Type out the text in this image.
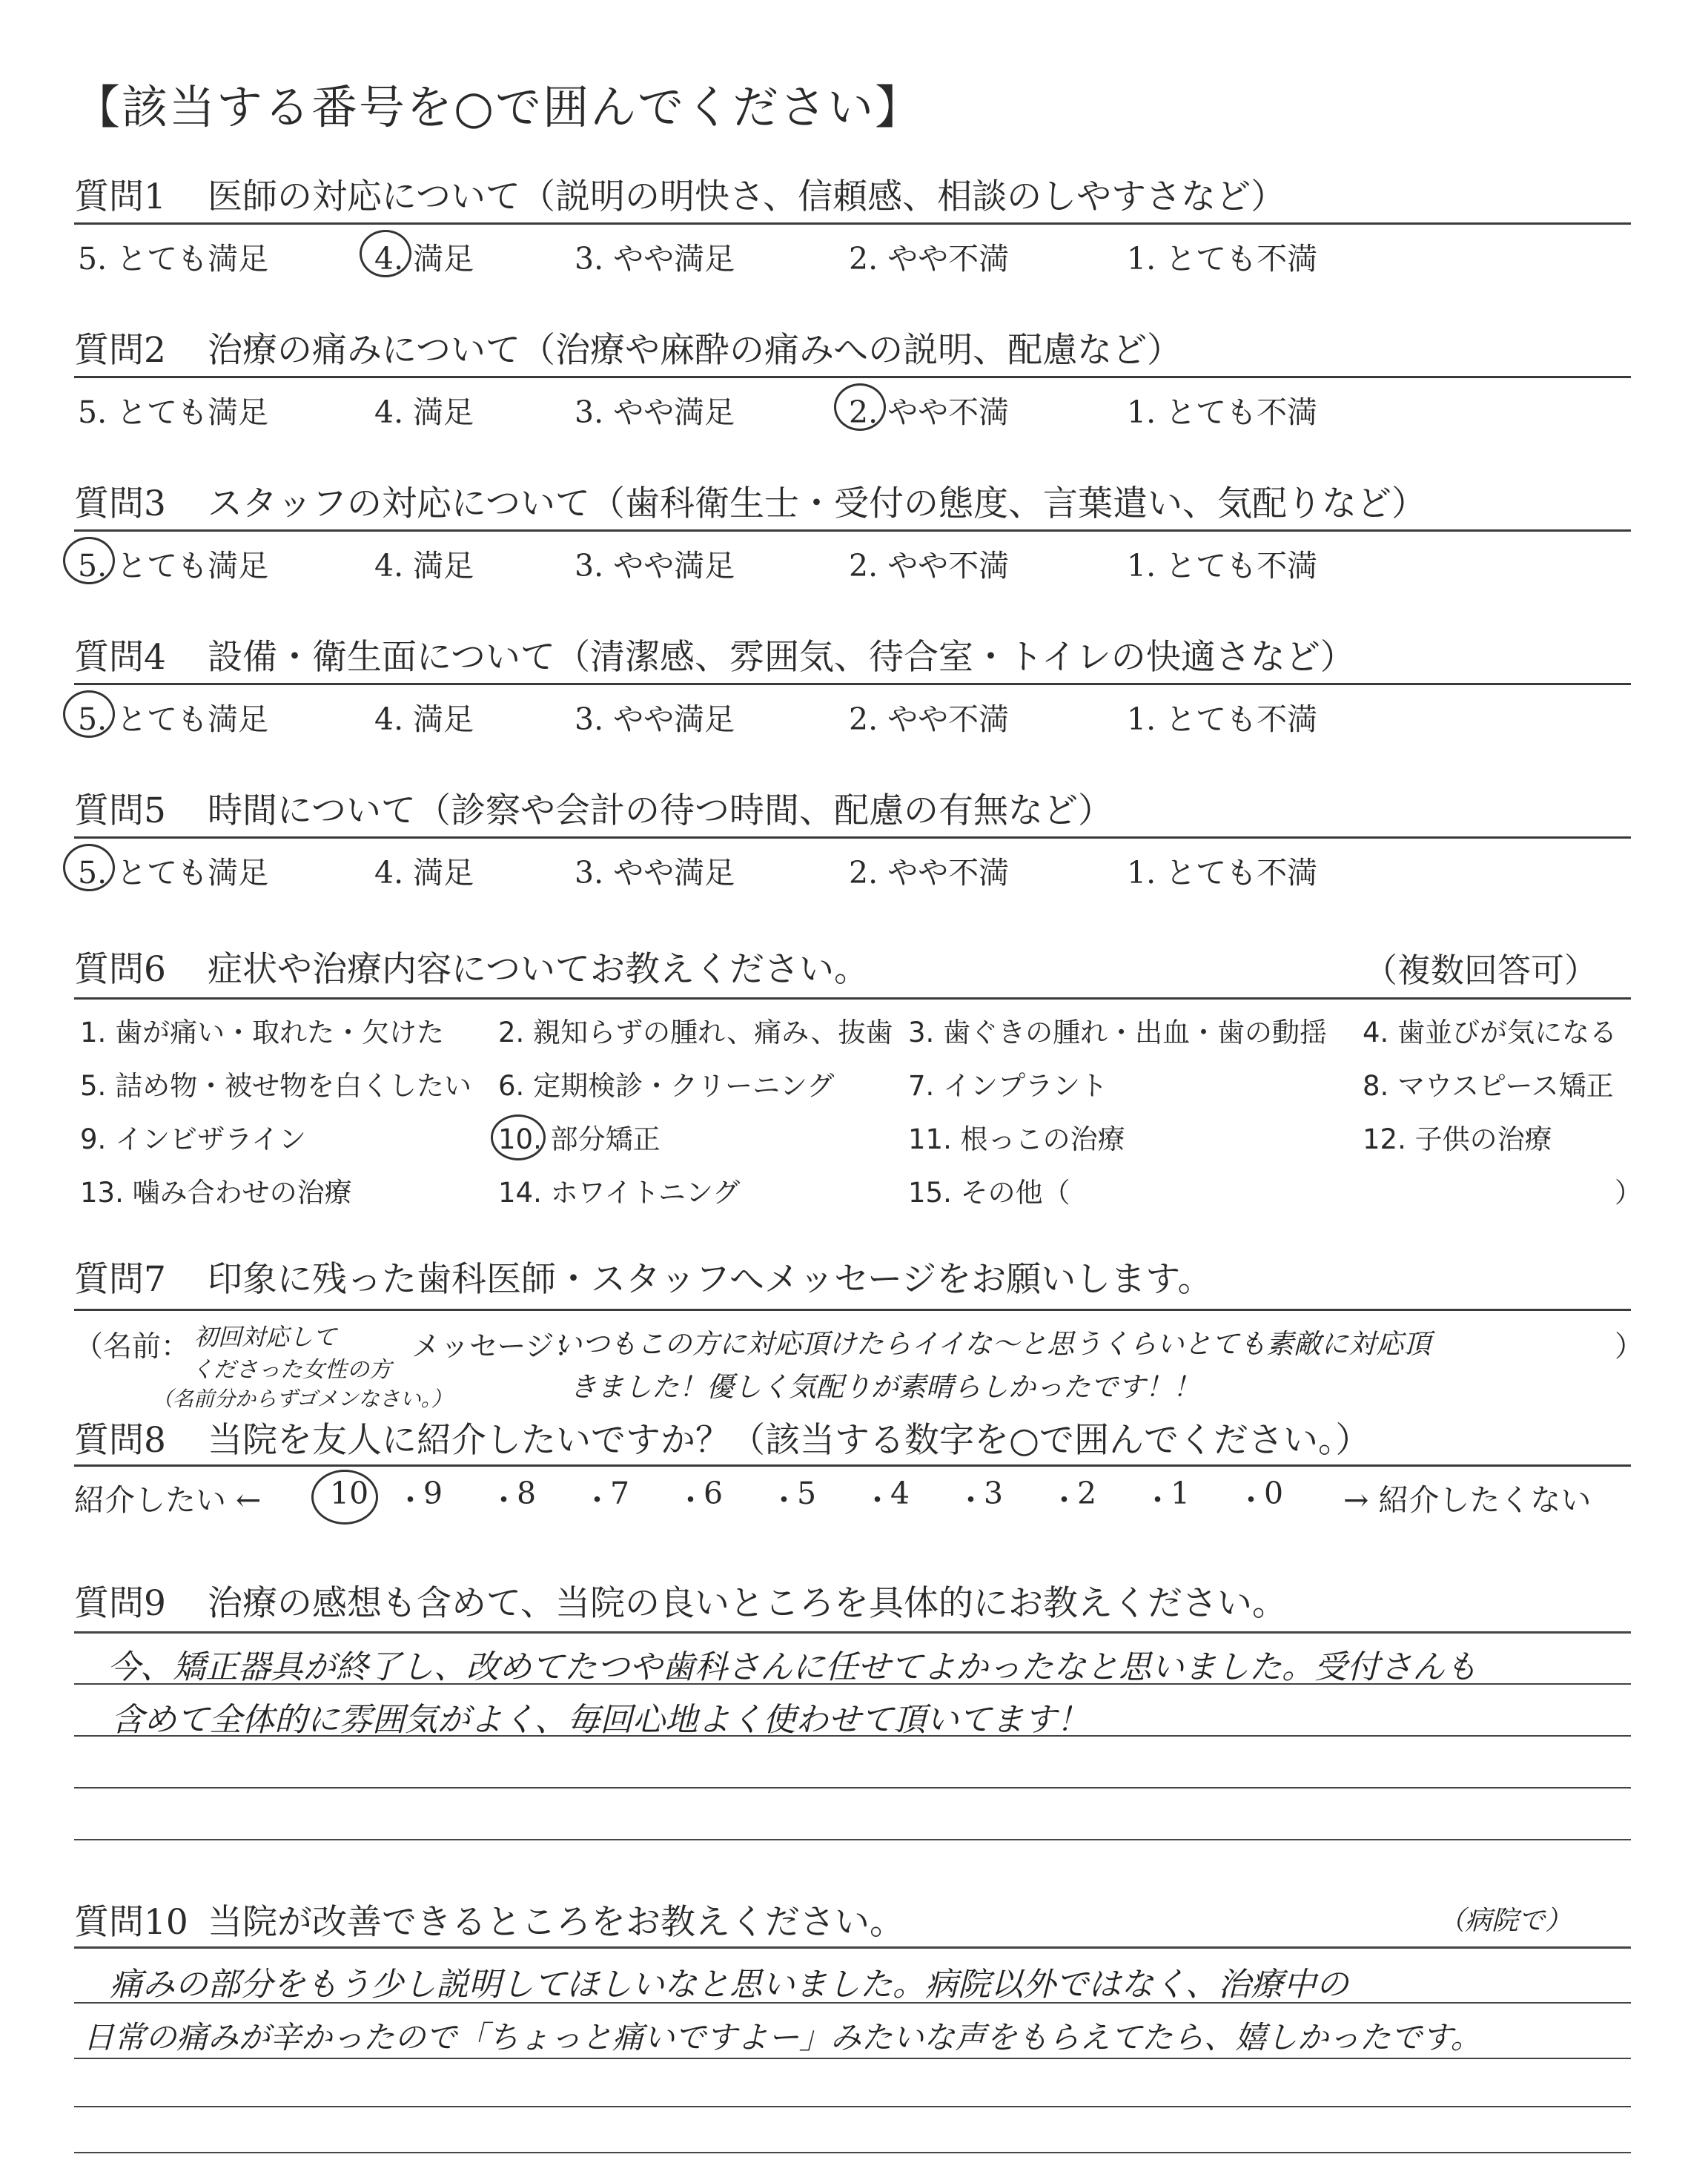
【該当する番号を○で囲んでください】
質問1 医師の対応について（説明の明快さ、信頼感、相談のしやすさなど）
5. とても満足	4. 満足	3. やや満足	2. やや不満	1. とても不満
質問2 治療の痛みについて（治療や麻酔の痛みへの説明、配慮など）
5. とても満足	4. 満足	3. やや満足	2. やや不満	1. とても不満
質問3 スタッフの対応について（歯科衛生士・受付の態度、言葉遣い、気配りなど）
5. とても満足	4. 満足	3. やや満足	2. やや不満	1. とても不満
質問4 設備・衛生面について（清潔感、雰囲気、待合室・トイレの快適さなど）
5. とても満足	4. 満足	3. やや満足	2. やや不満	1. とても不満
質問5 時間について（診察や会計の待つ時間、配慮の有無など）
5. とても満足	4. 満足	3. やや満足	2. やや不満	1. とても不満
質問6 症状や治療内容についてお教えください。	（複数回答可）
1. 歯が痛い・取れた・欠けた 2. 親知らずの腫れ、痛み、抜歯 3. 歯ぐきの腫れ・出血・歯の動揺 4. 歯並びが気になる
5. 詰め物・被せ物を白くしたい 6. 定期検診・クリーニング	7. インプラント	8. マウスピース矯正
9. インビザライン	10. 部分矯正	11. 根っこの治療	12. 子供の治療
13. 噛み合わせの治療	14. ホワイトニング	15. その他（	）
質問7 印象に残った歯科医師・スタッフへメッセージをお願いします。
（名前： 初回対応して
くださった女性の方
（名前分からずゴメンなさい。）
メッセージ：
いつもこの方に対応頂けたらイイな～と思うくらいとても素敵に対応頂
きました！優しく気配りが素晴らしかったです！！
）
質問8 当院を友人に紹介したいですか？（該当する数字を○で囲んでください。）
紹介したい ← 10 ・
9 ・
8 ・
7 ・
6 ・
5 ・
4 ・
3 ・
2 ・
1 ・
0 → 紹介したくない
質問9 治療の感想も含めて、当院の良いところを具体的にお教えください。
今、矯正器具が終了し、改めてたつや歯科さんに任せてよかったなと思いました。受付さんも
含めて全体的に雰囲気がよく、毎回心地よく使わせて頂いてます！
質問10 当院が改善できるところをお教えください。	（病院で）
痛みの部分をもう少し説明してほしいなと思いました。病院以外ではなく、治療中の
日常の痛みが辛かったので「ちょっと痛いですよー」みたいな声をもらえてたら、嬉しかったです。
